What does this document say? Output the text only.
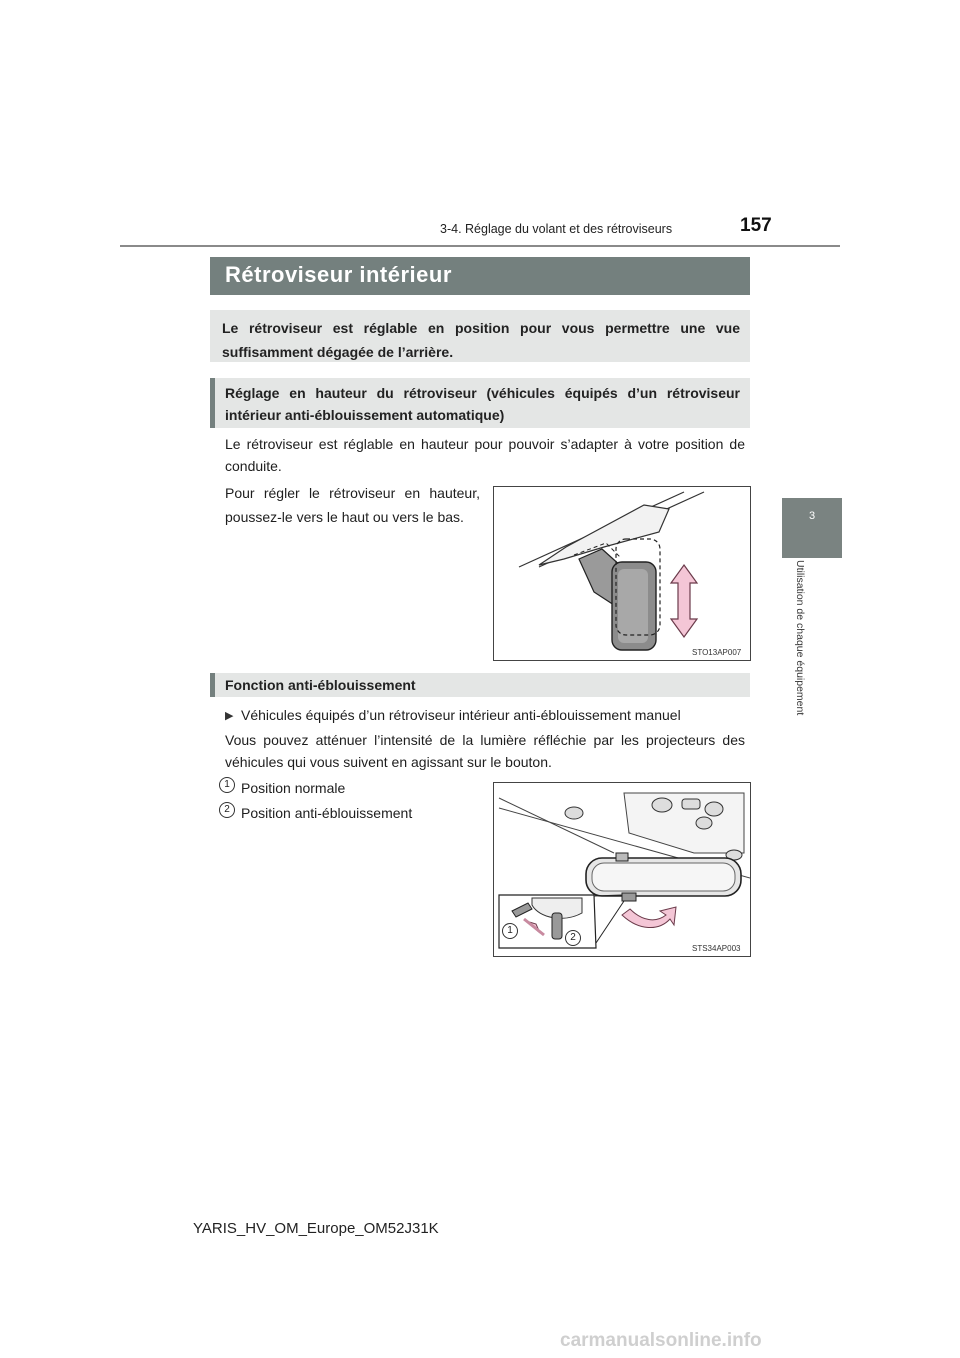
3-4. Réglage du volant et des rétroviseurs	157
3
Utilisation de chaque équipement
Rétroviseur intérieur
Le rétroviseur est réglable en position pour vous permettre une vue suffisamment dégagée de l’arrière.
Réglage en hauteur du rétroviseur (véhicules équipés d’un rétroviseur
intérieur anti-éblouissement automatique)
Le rétroviseur est réglable en hauteur pour pouvoir s’adapter à votre position de conduite.
Pour régler le rétroviseur en hauteur, poussez-le vers le haut ou vers le bas.
STO13AP007
Fonction anti-éblouissement
▶ Véhicules équipés d’un rétroviseur intérieur anti-éblouissement manuel
Vous pouvez atténuer l’intensité de la lumière réfléchie par les projecteurs des véhicules qui vous suivent en agissant sur le bouton.
1 Position normale
2 Position anti-éblouissement
1
2
STS34AP003
YARIS_HV_OM_Europe_OM52J31K
carmanualsonline.info
